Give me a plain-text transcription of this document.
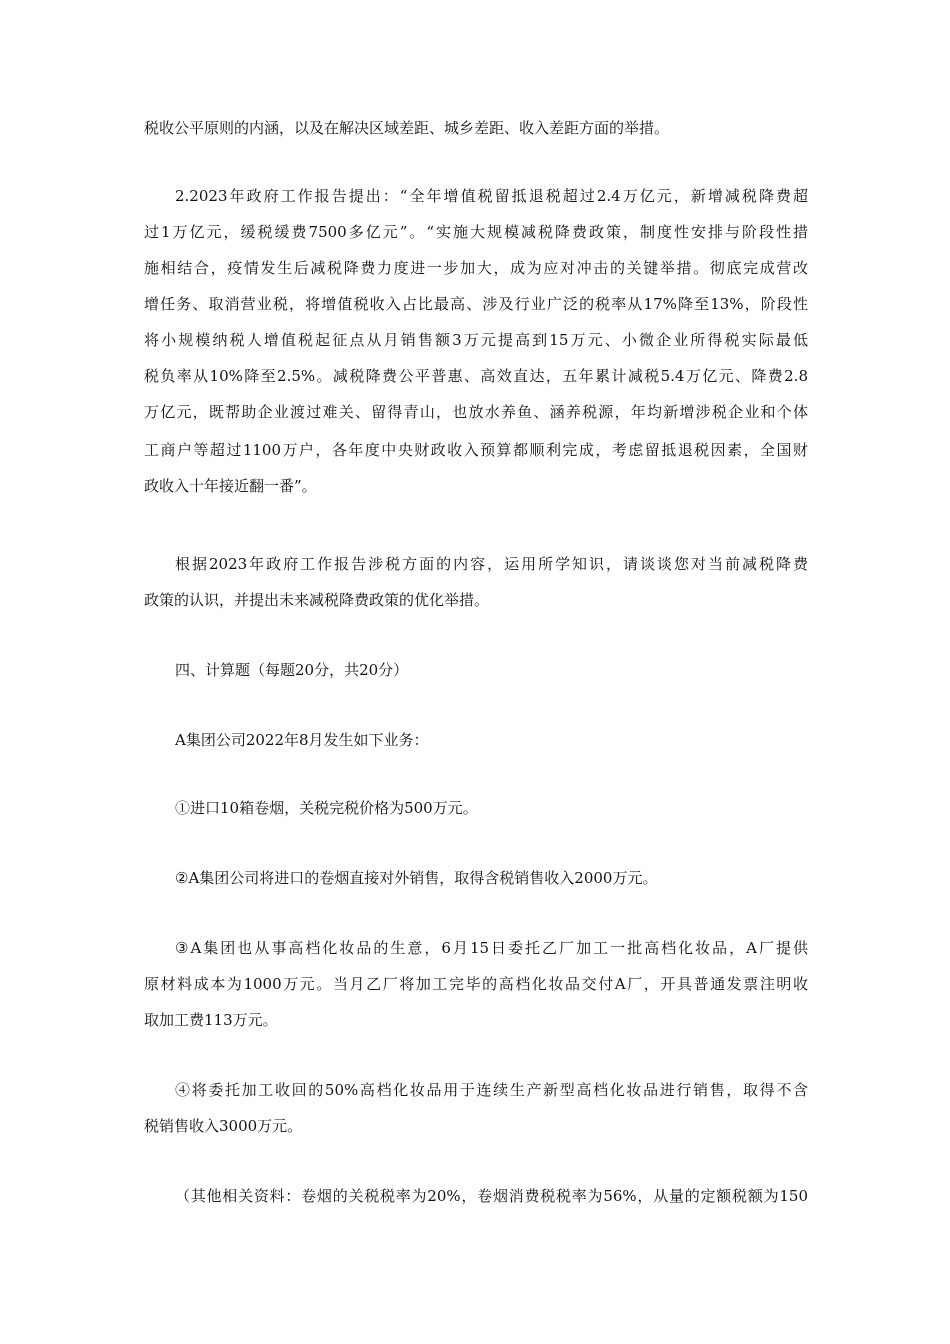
税收公平原则的内涵，以及在解决区域差距、城乡差距、收入差距方面的举措。
2.2023年政府工作报告提出：“全年增值税留抵退税超过2.4万亿元，新增减税降费超
过1万亿元，缓税缓费7500多亿元”。“实施大规模减税降费政策，制度性安排与阶段性措
施相结合，疫情发生后减税降费力度进一步加大，成为应对冲击的关键举措。彻底完成营改
增任务、取消营业税，将增值税收入占比最高、涉及行业广泛的税率从17%降至13%，阶段性
将小规模纳税人增值税起征点从月销售额3万元提高到15万元、小微企业所得税实际最低
税负率从10%降至2.5%。减税降费公平普惠、高效直达，五年累计减税5.4万亿元、降费2.8
万亿元，既帮助企业渡过难关、留得青山，也放水养鱼、涵养税源，年均新增涉税企业和个体
工商户等超过1100万户，各年度中央财政收入预算都顺利完成，考虑留抵退税因素，全国财
政收入十年接近翻一番”。
根据2023年政府工作报告涉税方面的内容，运用所学知识，请谈谈您对当前减税降费
政策的认识，并提出未来减税降费政策的优化举措。
四、计算题（每题20分，共20分）
A集团公司2022年8月发生如下业务：
①进口10箱卷烟，关税完税价格为500万元。
②A集团公司将进口的卷烟直接对外销售，取得含税销售收入2000万元。
③A集团也从事高档化妆品的生意，6月15日委托乙厂加工一批高档化妆品，A厂提供
原材料成本为1000万元。当月乙厂将加工完毕的高档化妆品交付A厂，开具普通发票注明收
取加工费113万元。
④将委托加工收回的50%高档化妆品用于连续生产新型高档化妆品进行销售，取得不含
税销售收入3000万元。
（其他相关资料：卷烟的关税税率为20%，卷烟消费税税率为56%，从量的定额税额为150
